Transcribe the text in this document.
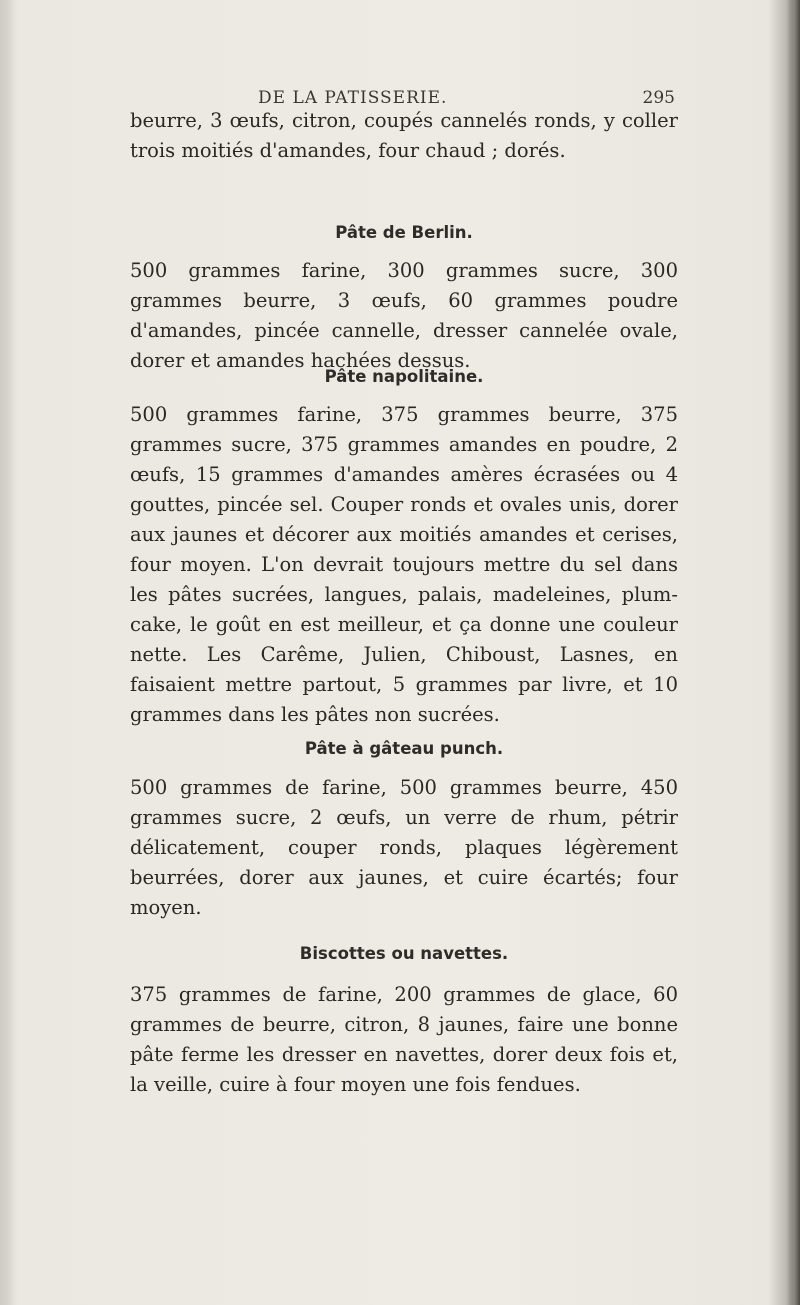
DE LA PATISSERIE.	295

beurre, 3 œufs, citron, coupés cannelés ronds, y coller trois moitiés d'amandes, four chaud ; dorés.

Pâte de Berlin.

500 grammes farine, 300 grammes sucre, 300 grammes beurre, 3 œufs, 60 grammes poudre d'amandes, pincée cannelle, dresser cannelée ovale, dorer et amandes hachées dessus.

Pâte napolitaine.

500 grammes farine, 375 grammes beurre, 375 grammes sucre, 375 grammes amandes en poudre, 2 œufs, 15 grammes d'amandes amères écrasées ou 4 gouttes, pincée sel. Couper ronds et ovales unis, dorer aux jaunes et décorer aux moitiés amandes et cerises, four moyen. L'on devrait toujours mettre du sel dans les pâtes sucrées, langues, palais, madeleines, plum-cake, le goût en est meilleur, et ça donne une couleur nette. Les Carême, Julien, Chiboust, Lasnes, en faisaient mettre partout, 5 grammes par livre, et 10 grammes dans les pâtes non sucrées.

Pâte à gâteau punch.

500 grammes de farine, 500 grammes beurre, 450 grammes sucre, 2 œufs, un verre de rhum, pétrir délicatement, couper ronds, plaques légèrement beurrées, dorer aux jaunes, et cuire écartés; four moyen.

Biscottes ou navettes.

375 grammes de farine, 200 grammes de glace, 60 grammes de beurre, citron, 8 jaunes, faire une bonne pâte ferme les dresser en navettes, dorer deux fois et, la veille, cuire à four moyen une fois fendues.
